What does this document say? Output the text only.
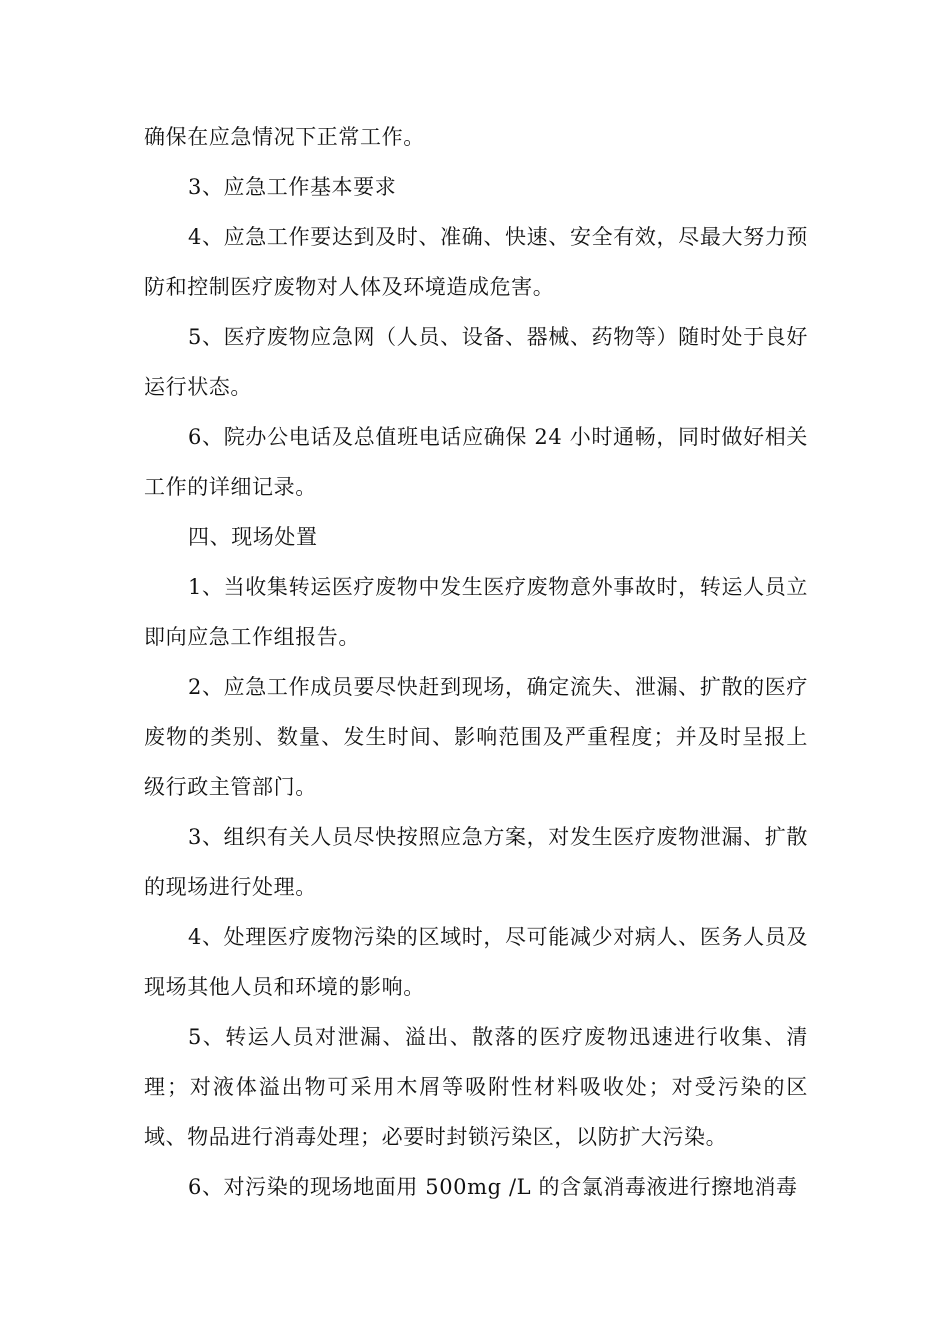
确保在应急情况下正常工作。

3、应急工作基本要求

4、应急工作要达到及时、准确、快速、安全有效，尽最大努力预防和控制医疗废物对人体及环境造成危害。

5、医疗废物应急网（人员、设备、器械、药物等）随时处于良好运行状态。

6、院办公电话及总值班电话应确保 24 小时通畅，同时做好相关工作的详细记录。

四、现场处置

1、当收集转运医疗废物中发生医疗废物意外事故时，转运人员立即向应急工作组报告。

2、应急工作成员要尽快赶到现场，确定流失、泄漏、扩散的医疗废物的类别、数量、发生时间、影响范围及严重程度；并及时呈报上级行政主管部门。

3、组织有关人员尽快按照应急方案，对发生医疗废物泄漏、扩散的现场进行处理。

4、处理医疗废物污染的区域时，尽可能减少对病人、医务人员及现场其他人员和环境的影响。

5、转运人员对泄漏、溢出、散落的医疗废物迅速进行收集、清理；对液体溢出物可采用木屑等吸附性材料吸收处；对受污染的区域、物品进行消毒处理；必要时封锁污染区，以防扩大污染。

6、对污染的现场地面用 500mg /L 的含氯消毒液进行擦地消毒
